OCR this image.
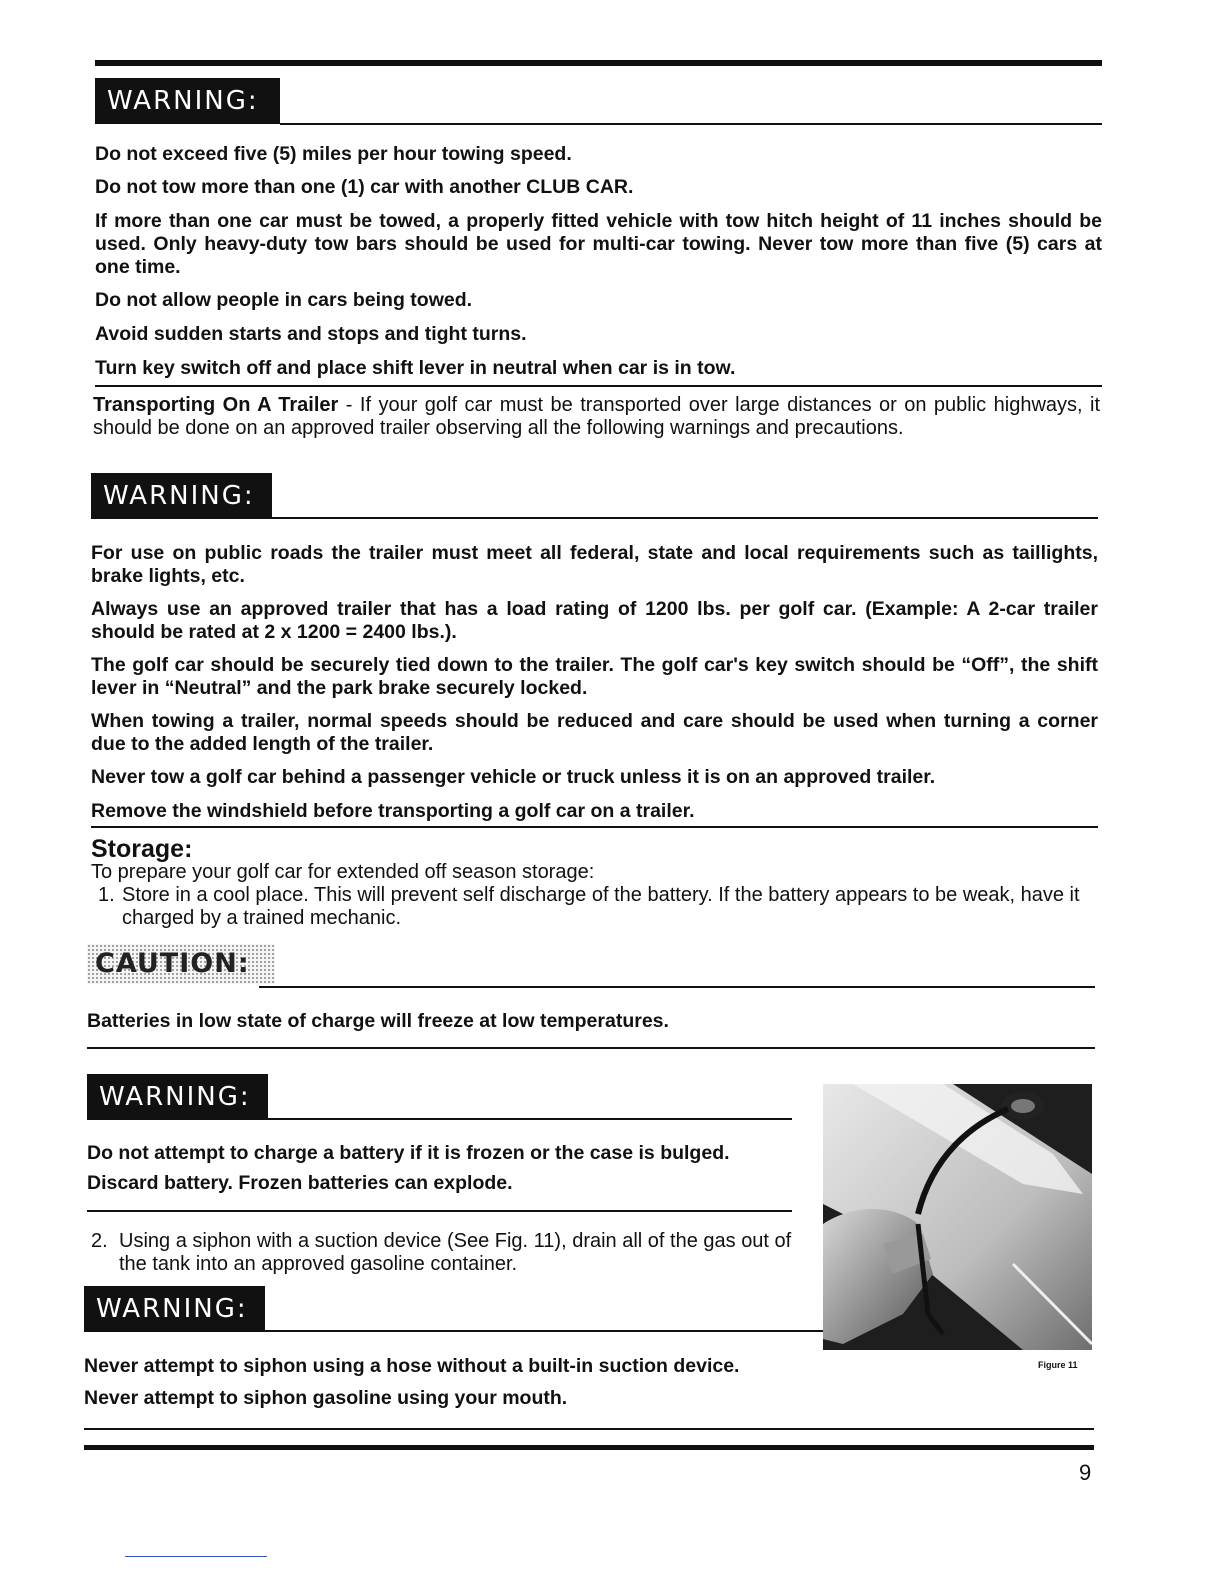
WARNING:
Do not exceed five (5) miles per hour towing speed.
Do not tow more than one (1) car with another CLUB CAR.
If more than one car must be towed, a properly fitted vehicle with tow hitch height of 11 inches should be used. Only heavy-duty tow bars should be used for multi-car towing. Never tow more than five (5) cars at one time.
Do not allow people in cars being towed.
Avoid sudden starts and stops and tight turns.
Turn key switch off and place shift lever in neutral when car is in tow.
Transporting On A Trailer - If your golf car must be transported over large distances or on public highways, it should be done on an approved trailer observing all the following warnings and precautions.
WARNING:
For use on public roads the trailer must meet all federal, state and local requirements such as taillights, brake lights, etc.
Always use an approved trailer that has a load rating of 1200 lbs. per golf car. (Example: A 2-car trailer should be rated at 2 x 1200 = 2400 lbs.).
The golf car should be securely tied down to the trailer. The golf car's key switch should be “Off”, the shift lever in “Neutral” and the park brake securely locked.
When towing a trailer, normal speeds should be reduced and care should be used when turning a corner due to the added length of the trailer.
Never tow a golf car behind a passenger vehicle or truck unless it is on an approved trailer.
Remove the windshield before transporting a golf car on a trailer.
Storage:
To prepare your golf car for extended off season storage:
1. Store in a cool place. This will prevent self discharge of the battery. If the battery appears to be weak, have it charged by a trained mechanic.
CAUTION:
Batteries in low state of charge will freeze at low temperatures.
WARNING:
Do not attempt to charge a battery if it is frozen or the case is bulged.
Discard battery. Frozen batteries can explode.
2. Using a siphon with a suction device (See Fig. 11), drain all of the gas out of the tank into an approved gasoline container.
WARNING:
Never attempt to siphon using a hose without a built-in suction device.
Never attempt to siphon gasoline using your mouth.
Figure 11
9
